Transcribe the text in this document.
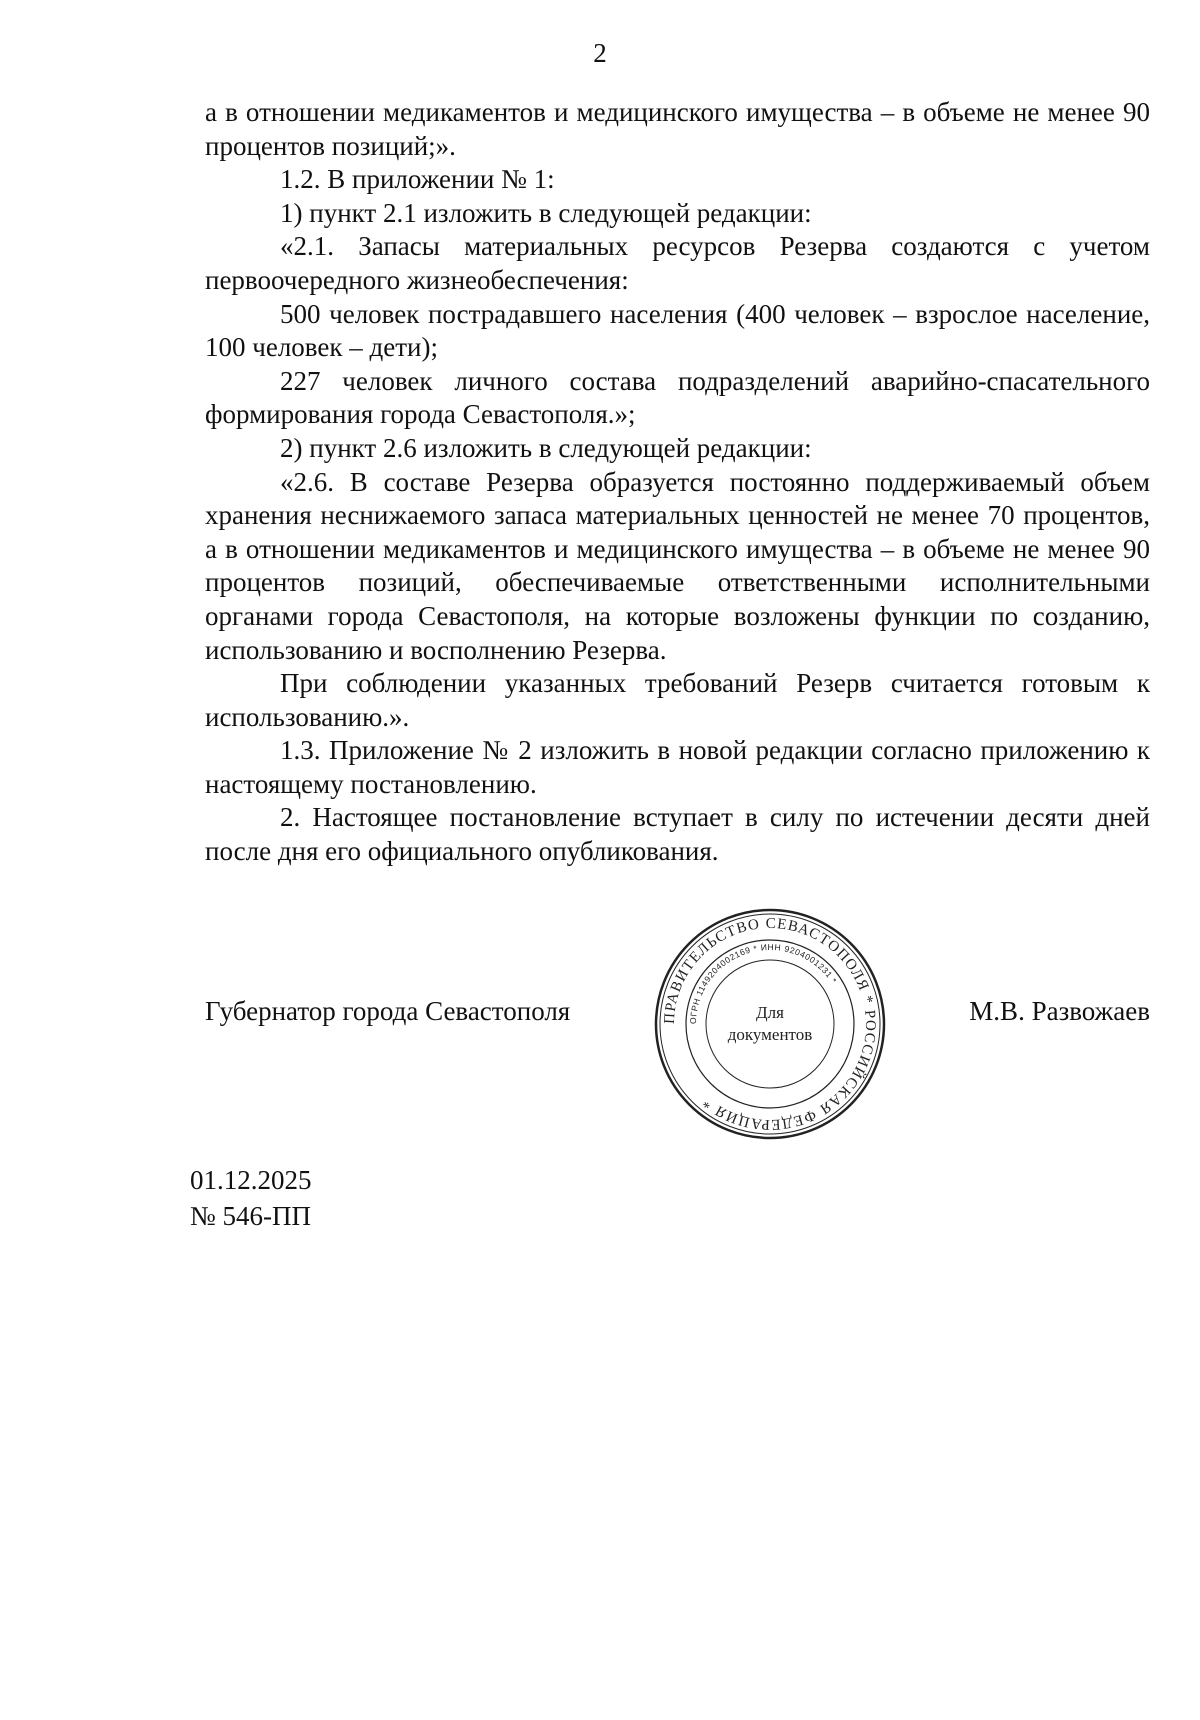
2

а в отношении медикаментов и медицинского имущества – в объеме не менее 90 процентов позиций;».

1.2. В приложении № 1:

1) пункт 2.1 изложить в следующей редакции:

«2.1. Запасы материальных ресурсов Резерва создаются с учетом первоочередного жизнеобеспечения:

500 человек пострадавшего населения (400 человек – взрослое население, 100 человек – дети);

227 человек личного состава подразделений аварийно-спасательного формирования города Севастополя.»;

2) пункт 2.6 изложить в следующей редакции:

«2.6. В составе Резерва образуется постоянно поддерживаемый объем хранения неснижаемого запаса материальных ценностей не менее 70 процентов, а в отношении медикаментов и медицинского имущества – в объеме не менее 90 процентов позиций, обеспечиваемые ответственными исполнительными органами города Севастополя, на которые возложены функции по созданию, использованию и восполнению Резерва.

При соблюдении указанных требований Резерв считается готовым к использованию.».

1.3. Приложение № 2 изложить в новой редакции согласно приложению к настоящему постановлению.

2. Настоящее постановление вступает в силу по истечении десяти дней после дня его официального опубликования.

Губернатор города Севастополя	М.В. Развожаев
ПРАВИТЕЛЬСТВО СЕВАСТОПОЛЯ * РОССИЙСКАЯ ФЕДЕРАЦИЯ *
ОГРН 1149204002169 * ИНН 9204001231 *
Для
документов
01.12.2025
№ 546-ПП
